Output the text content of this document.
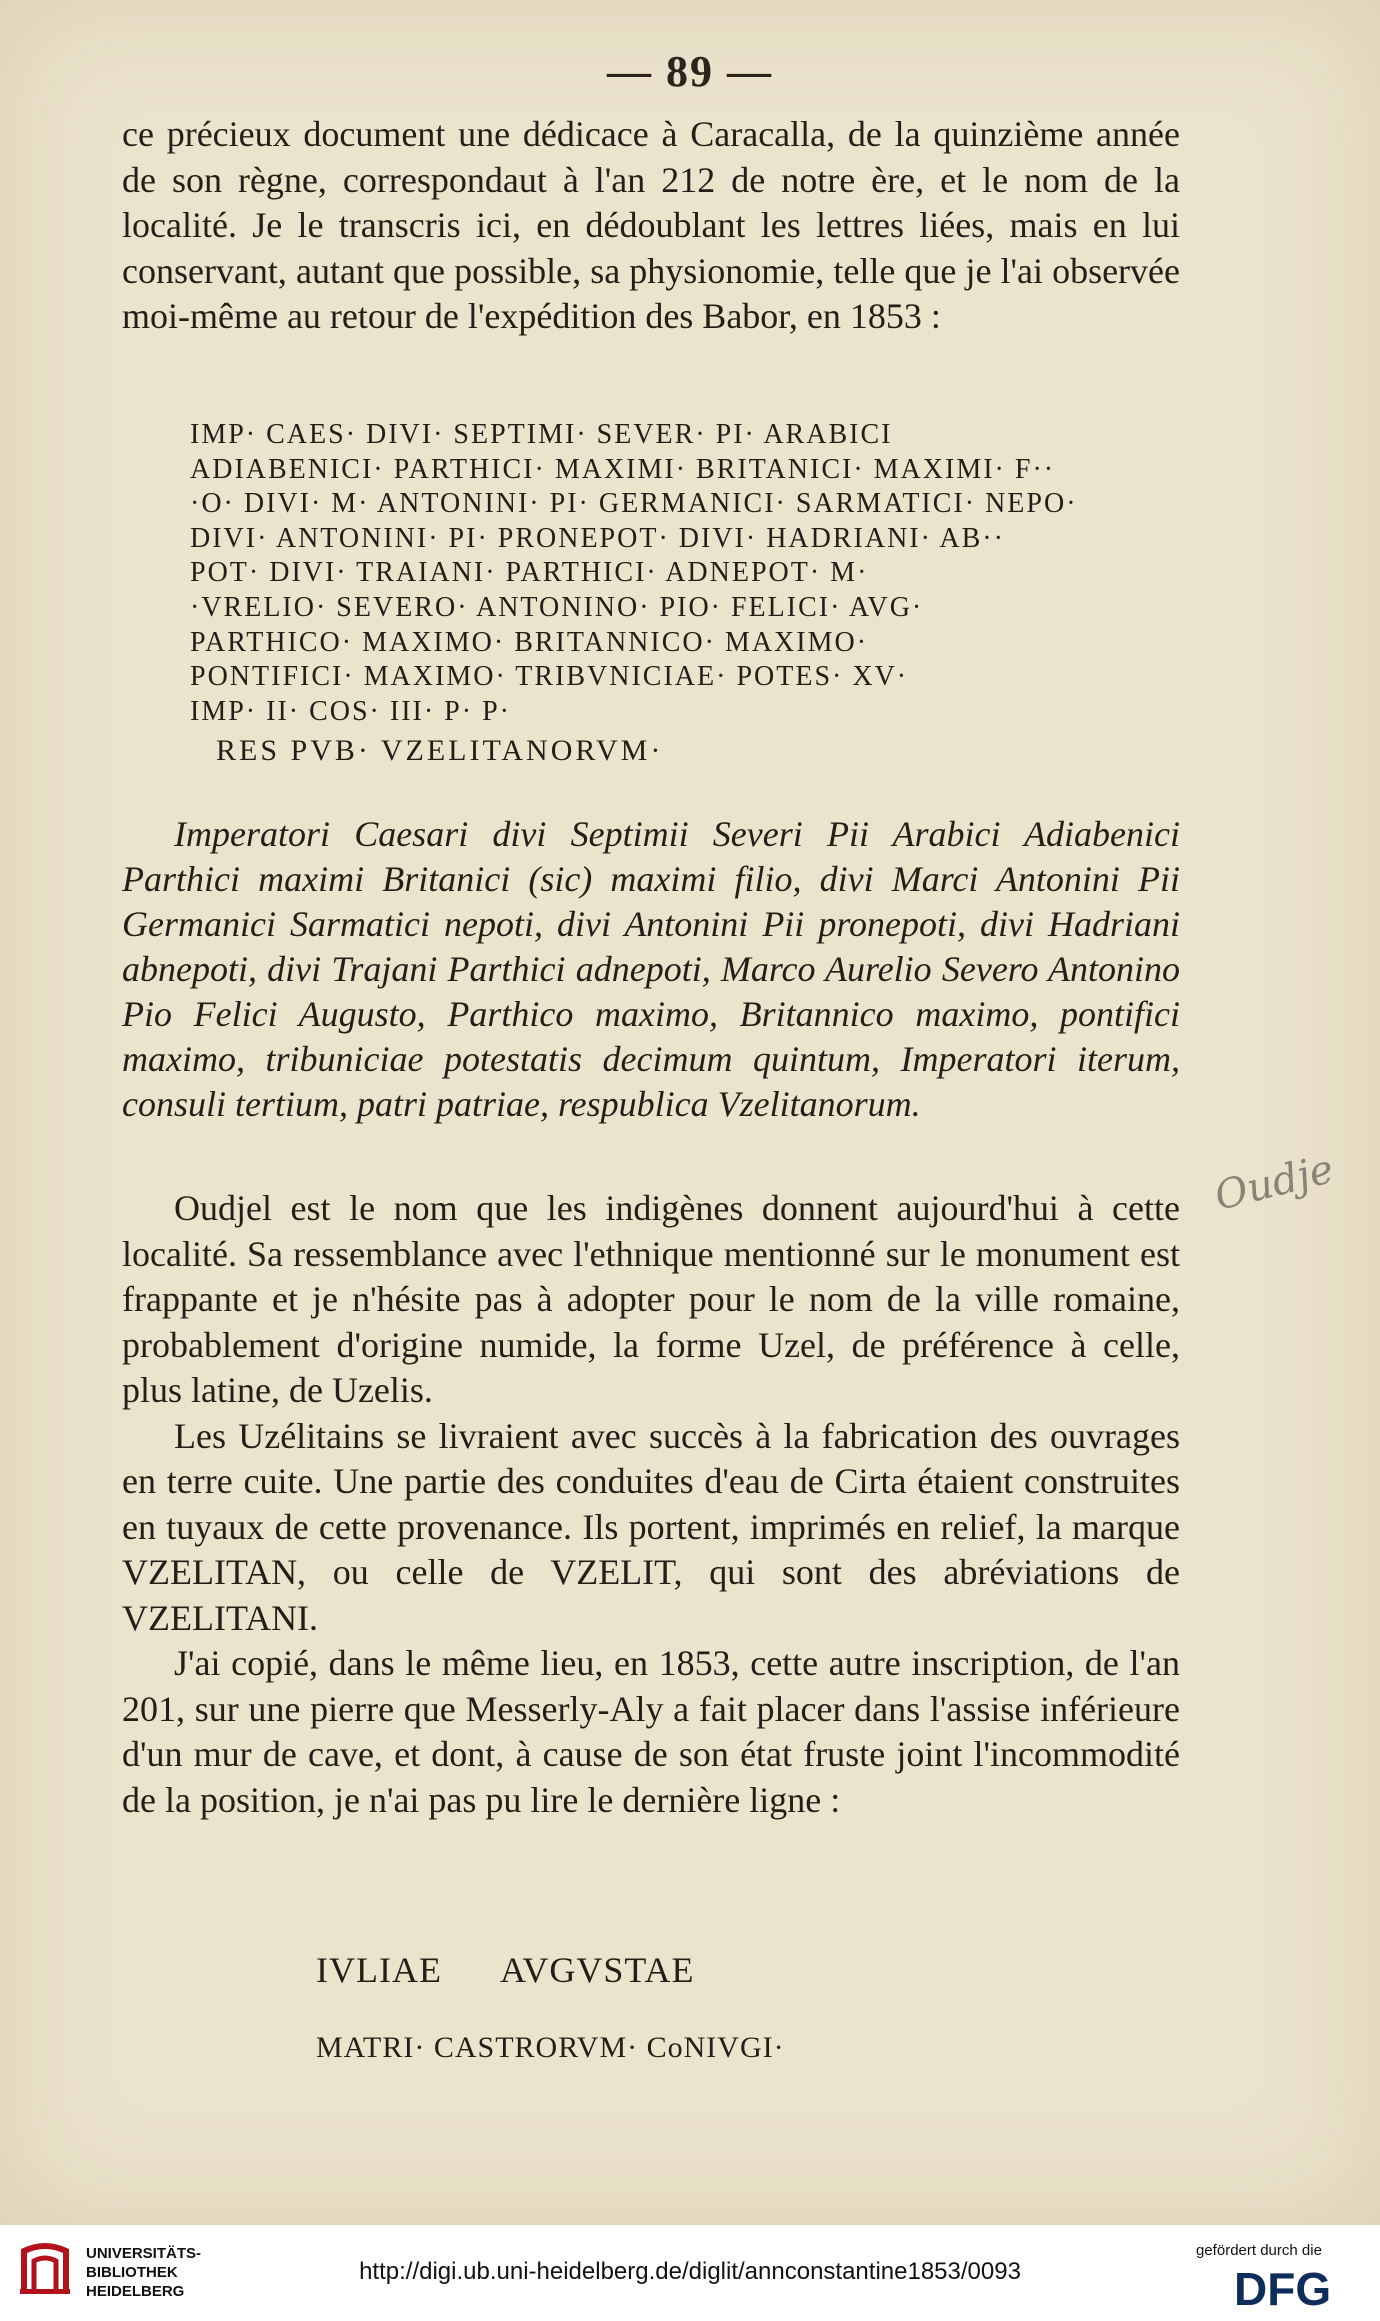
— 89 —

ce précieux document une dédicace à Caracalla, de la quinzième année de son règne, correspondaut à l'an 212 de notre ère, et le nom de la localité. Je le transcris ici, en dédoublant les lettres liées, mais en lui conservant, autant que possible, sa physionomie, telle que je l'ai observée moi-même au retour de l'expédition des Babor, en 1853 :

IMP· CAES· DIVI· SEPTIMI· SEVER· PI· ARABICI
ADIABENICI· PARTHICI· MAXIMI· BRITANICI· MAXIMI· F··
·O· DIVI· M· ANTONINI· PI· GERMANICI· SARMATICI· NEPO·
DIVI· ANTONINI· PI· PRONEPOT· DIVI· HADRIANI· AB··
POT· DIVI· TRAIANI· PARTHICI· ADNEPOT· M·
·VRELIO· SEVERO· ANTONINO· PIO· FELICI· AVG·
PARTHICO· MAXIMO· BRITANNICO· MAXIMO·
PONTIFICI· MAXIMO· TRIBVNICIAE· POTES· XV·
IMP· II· COS· III· P· P·
RES PVB· VZELITANORVM·

Imperatori Caesari divi Septimii Severi Pii Arabici Adiabenici Parthici maximi Britanici (sic) maximi filio, divi Marci Antonini Pii Germanici Sarmatici nepoti, divi Antonini Pii pronepoti, divi Hadriani abnepoti, divi Trajani Parthici adnepoti, Marco Aurelio Severo Antonino Pio Felici Augusto, Parthico maximo, Britannico maximo, pontifici maximo, tribuniciae potestatis decimum quintum, Imperatori iterum, consuli tertium, patri patriae, respublica Vzelitanorum.

Oudjel est le nom que les indigènes donnent aujourd'hui à cette localité. Sa ressemblance avec l'ethnique mentionné sur le monument est frappante et je n'hésite pas à adopter pour le nom de la ville romaine, probablement d'origine numide, la forme Uzel, de préférence à celle, plus latine, de Uzelis.

Les Uzélitains se livraient avec succès à la fabrication des ouvrages en terre cuite. Une partie des conduites d'eau de Cirta étaient construites en tuyaux de cette provenance. Ils portent, imprimés en relief, la marque VZELITAN, ou celle de VZELIT, qui sont des abréviations de VZELITANI.

J'ai copié, dans le même lieu, en 1853, cette autre inscription, de l'an 201, sur une pierre que Messerly-Aly a fait placer dans l'assise inférieure d'un mur de cave, et dont, à cause de son état fruste joint l'incommodité de la position, je n'ai pas pu lire le dernière ligne :

IVLIAE      AVGVSTAE

MATRI· CASTRORVM· CoNIVGI·

Oudje
UNIVERSITÄTS-
BIBLIOTHEK
HEIDELBERG
http://digi.ub.uni-heidelberg.de/diglit/annconstantine1853/0093
gefördert durch die
DFG
